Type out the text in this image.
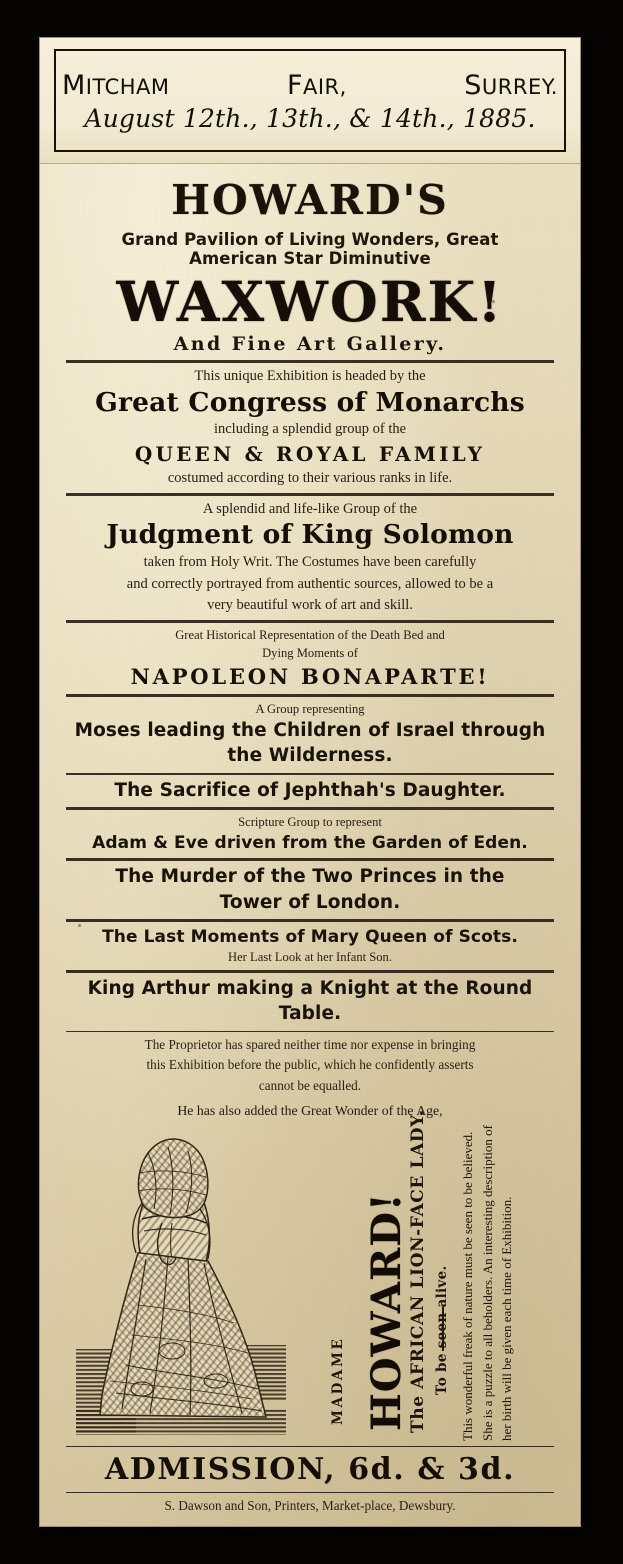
MITCHAM	FAIR,	SURREY.
August 12th., 13th., & 14th., 1885.
HOWARD'S
Grand Pavilion of Living Wonders, Great
American Star Diminutive
WAXWORK!
And Fine Art Gallery.
This unique Exhibition is headed by the
Great Congress of Monarchs
including a splendid group of the
QUEEN & ROYAL FAMILY
costumed according to their various ranks in life.
A splendid and life-like Group of the
Judgment of King Solomon
taken from Holy Writ. The Costumes have been carefully
and correctly portrayed from authentic sources, allowed to be a
very beautiful work of art and skill.
Great Historical Representation of the Death Bed and
Dying Moments of
NAPOLEON BONAPARTE!
A Group representing
Moses leading the Children of Israel through
the Wilderness.
The Sacrifice of Jephthah's Daughter.
Scripture Group to represent
Adam & Eve driven from the Garden of Eden.
The Murder of the Two Princes in the
Tower of London.
The Last Moments of Mary Queen of Scots.
Her Last Look at her Infant Son.
King Arthur making a Knight at the Round
Table.
The Proprietor has spared neither time nor expense in bringing
this Exhibition before the public, which he confidently asserts
cannot be equalled.
He has also added the Great Wonder of the Age,
MADAME HOWARD!
The AFRICAN LION-FACE LADY. To be seen alive. This wonderful freak of nature must be seen to be believed. She is a puzzle to all beholders. An interesting description of her birth will be given each time of Exhibition.
ADMISSION, 6d. & 3d.
S. Dawson and Son, Printers, Market-place, Dewsbury.
